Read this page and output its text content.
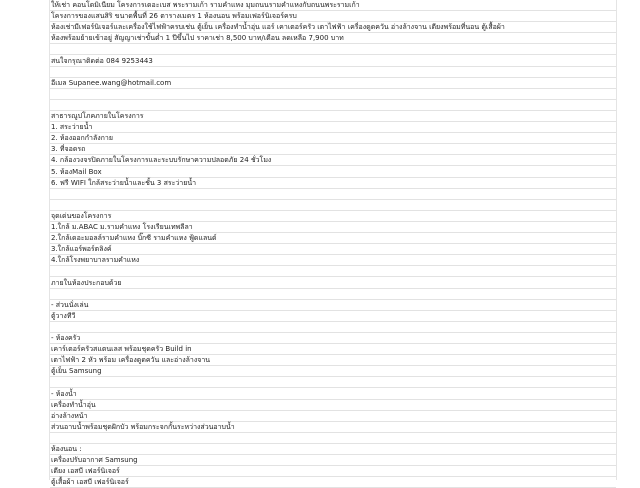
ให้เช่า คอนโดมิเนียม โครงการเดอะเบส พระรามเก้า รามคำแหง มุมถนนรามคำแหงกับถนนพระรามเก้า
โครงการของแสนสิริ ขนาดพื้นที่ 26 ตารางเมตร 1 ห้องนอน พร้อมเฟอร์นิเจอร์ครบ
ห้องเช่ามีเฟอร์นิเจอร์และเครื่องใช้ไฟฟ้าครบเช่น ตู้เย็น เครื่องทำน้ำอุ่น แอร์ เคาเตอร์ครัว เตาไฟฟ้า เครื่องดูดควัน อ่างล้างจาน เตียงพร้อมที่นอน ตู้เสื้อผ้า
ห้องพร้อมย้ายเข้าอยู่ สัญญาเช่าขั้นต่ำ 1 ปีขึ้นไป ราคาเช่า 8,500 บาท/เดือน ลดเหลือ 7,900 บาท
สนใจกรุณาติดต่อ 084 9253443
อีเมล Supanee.wang@hotmail.com
สาธารณูปโภคภายในโครงการ
1. สระว่ายน้ำ
2. ห้องออกกำลังกาย
3. ที่จอดรถ
4. กล้องวงจรปิดภายในโครงการและระบบรักษาความปลอดภัย 24 ชั่วโมง
5. ห้องMail Box
6. ฟรี WIFI ใกล้สระว่ายน้ำและชั้น 3 สระว่ายน้ำ
จุดเด่นของโครงการ
1.ใกล้ ม.ABAC ม.รามคำแหง โรงเรียนเทพลีลา
2.ใกล้เดอะมอลล์รามคำแหง บิ๊กซี รามคำแหง ฟู้ดแลนด์
3.ใกล้แอร์พอร์ตลิงค์
4.ใกล้โรงพยาบาลรามคำแหง
ภายในห้องประกอบด้วย
- ส่วนนั่งเล่น
ตู้วางทีวี
- ห้องครัว
เคาร์เตอร์ครัวสแตนเลส พร้อมชุดครัว Build in
เตาไฟฟ้า 2 หัว พร้อม เครื่องดูดควัน และอ่างล้างจาน
ตู้เย็น Samsung
- ห้องน้ำ
เครื่องทำน้ำอุ่น
อ่างล้างหน้า
ส่วนอาบน้ำพร้อมชุดฝักบัว พร้อมกระจกกั้นระหว่างส่วนอาบน้ำ
ห้องนอน :
เครื่องปรับอากาศ Samsung
เตียง เอสบี เฟอร์นิเจอร์
ตู้เสื้อผ้า เอสบี เฟอร์นิเจอร์
